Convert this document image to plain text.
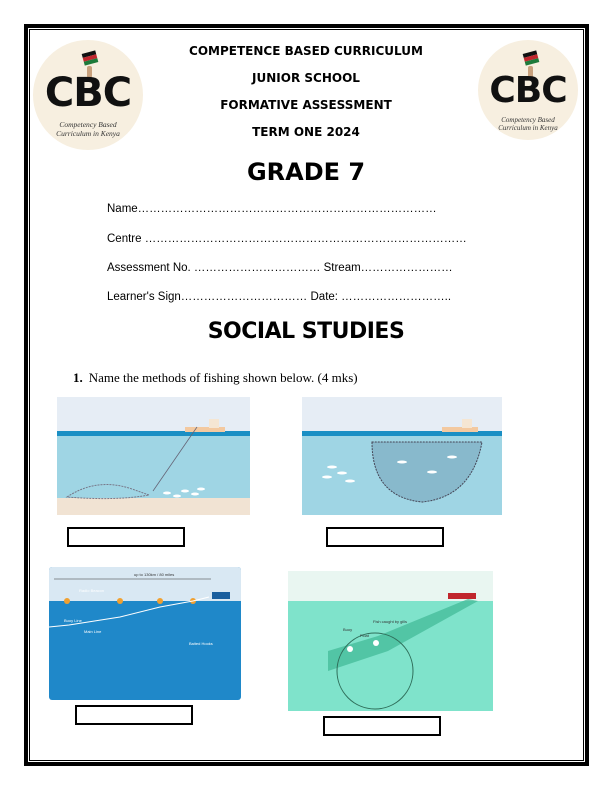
CBC
Competency Based
Curriculum in Kenya
CBC
Competency Based
Curriculum in Kenya
COMPETENCE BASED CURRICULUM
JUNIOR SCHOOL
FORMATIVE ASSESSMENT
TERM ONE 2024
GRADE 7
Name……………………………………………………………………
Centre …………………………………………………………………………
Assessment No. …………………………… Stream……………………
Learner's Sign…………………………… Date: ………………………..
SOCIAL STUDIES
1. Name the methods of fishing shown below. (4 mks)
up to 130km / 80 miles
Radio Beacon
Buoy Line
Main Line
Baited Hooks
Buoy
Float
Fish caught by gills
